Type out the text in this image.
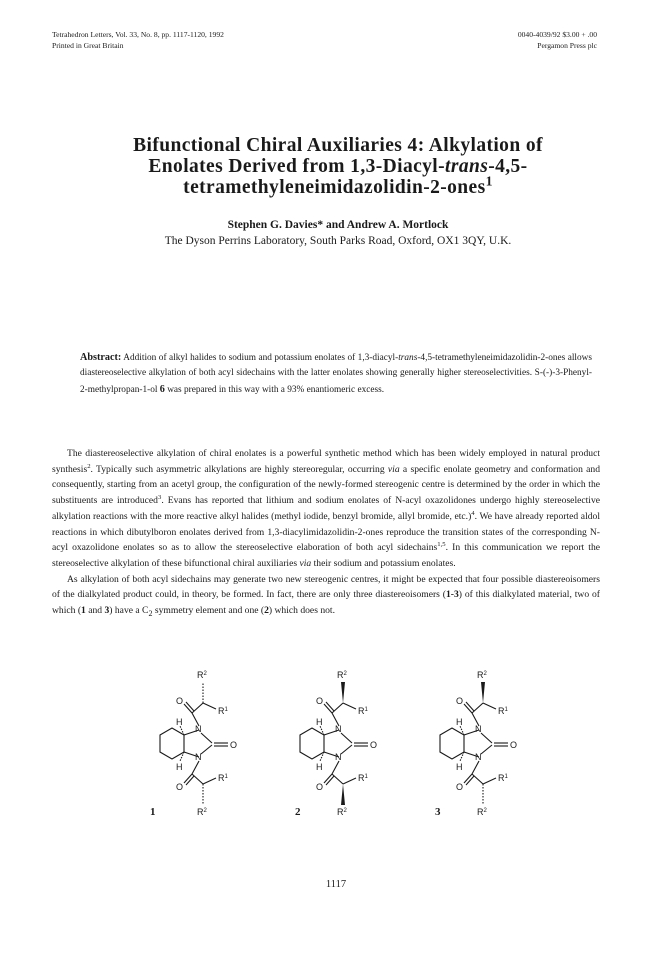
Tetrahedron Letters, Vol. 33, No. 8, pp. 1117-1120, 1992
Printed in Great Britain
0040-4039/92 $3.00 + .00
Pergamon Press plc
Bifunctional Chiral Auxiliaries 4: Alkylation of
Enolates Derived from 1,3-Diacyl-trans-4,5-
tetramethyleneimidazolidin-2-ones$^1$
Stephen G. Davies* and Andrew A. Mortlock
The Dyson Perrins Laboratory, South Parks Road, Oxford, OX1 3QY, U.K.
Abstract: Addition of alkyl halides to sodium and potassium enolates of 1,3-diacyl-trans-4,5-tetramethyleneimidazolidin-2-ones allows diastereoselective alkylation of both acyl sidechains with the latter enolates showing generally higher stereoselectivities. S-(-)-3-Phenyl-2-methylpropan-1-ol 6 was prepared in this way with a 93% enantiomeric excess.

The diastereoselective alkylation of chiral enolates is a powerful synthetic method which has been widely employed in natural product synthesis$^2$. Typically such asymmetric alkylations are highly stereoregular, occurring via a specific enolate geometry and conformation and consequently, starting from an acetyl group, the configuration of the newly-formed stereogenic centre is determined by the order in which the substituents are introduced$^3$. Evans has reported that lithium and sodium enolates of N-acyl oxazolidones undergo highly stereoselective alkylation reactions with the more reactive alkyl halides (methyl iodide, benzyl bromide, allyl bromide, etc.)$^4$. We have already reported aldol reactions in which dibutylboron enolates derived from 1,3-diacylimidazolidin-2-ones reproduce the transition states of the corresponding N-acyl oxazolidone enolates so as to allow the stereoselective elaboration of both acyl sidechains$^{1,5}$. In this communication we report the stereoselective alkylation of these bifunctional chiral auxiliaries via their sodium and potassium enolates.

As alkylation of both acyl sidechains may generate two new stereogenic centres, it might be expected that four possible diastereoisomers of the dialkylated product could, in theory, be formed. In fact, there are only three diastereoisomers (1-3) of this dialkylated material, two of which (1 and 3) have a $C_2$ symmetry element and one (2) which does not.

$R^2$
$R^1$
O
N
N
O
H
H
O
$R^1$
$R^2$
1
$R^2$
$R^1$
O
N
N
O
H
H
O
$R^1$
$R^2$
2
$R^2$
$R^1$
O
N
N
O
H
H
O
$R^1$
$R^2$
3
1117
